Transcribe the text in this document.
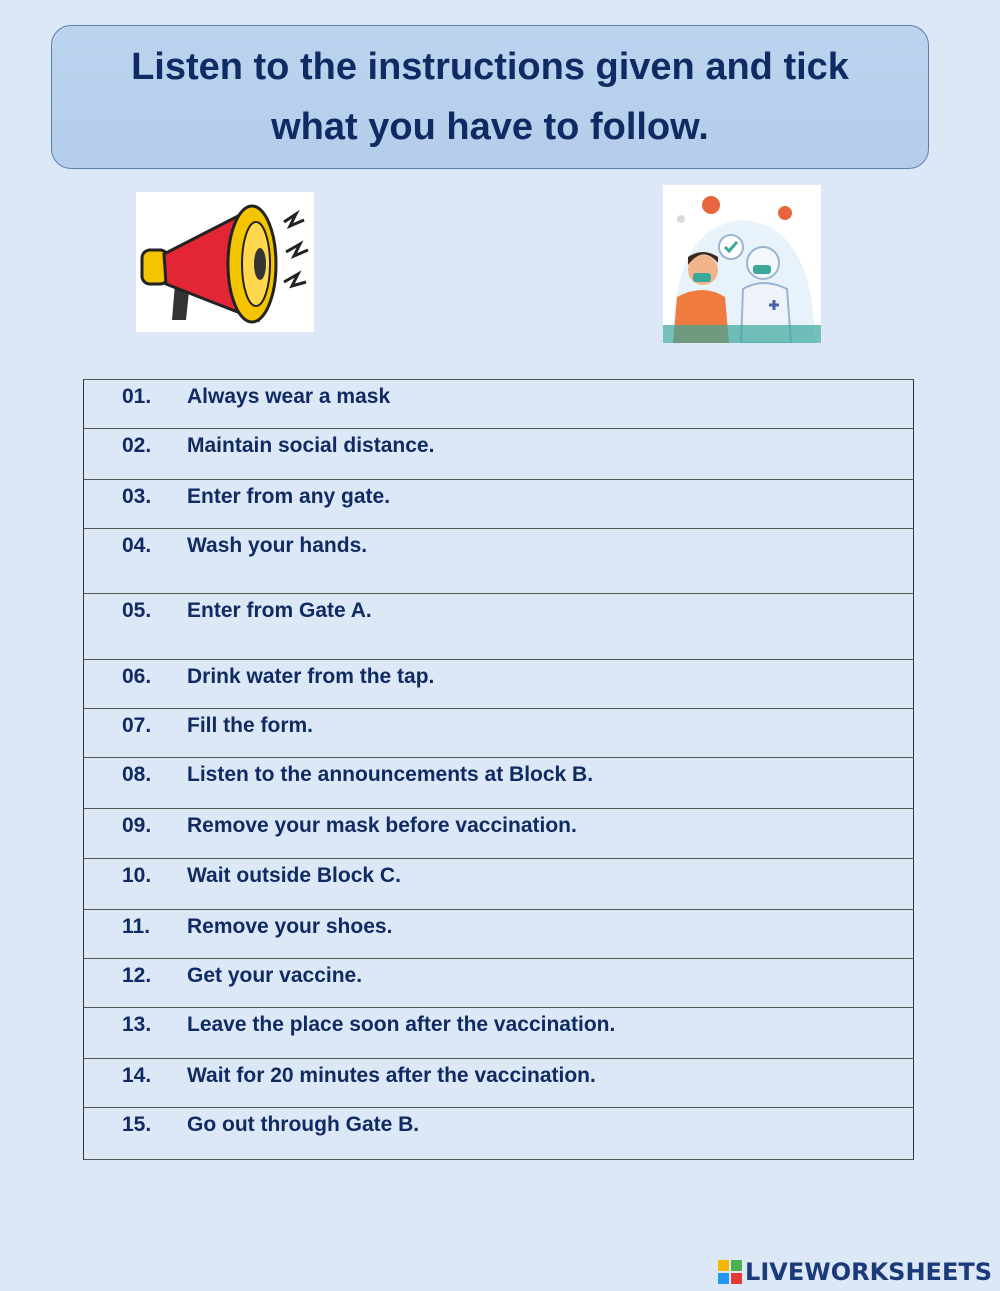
Listen to the instructions given and tick what you have to follow.
01. Always wear a mask

02. Maintain social distance.

03. Enter from any gate.

04. Wash your hands.

05. Enter from Gate A.

06. Drink water from the tap.

07. Fill the form.

08. Listen to the announcements at Block B.

09. Remove your mask before vaccination.

10. Wait outside Block C.

11. Remove your shoes.

12. Get your vaccine.

13. Leave the place soon after the vaccination.

14. Wait for 20 minutes after the vaccination.

15. Go out through Gate B.
LIVEWORKSHEETS
